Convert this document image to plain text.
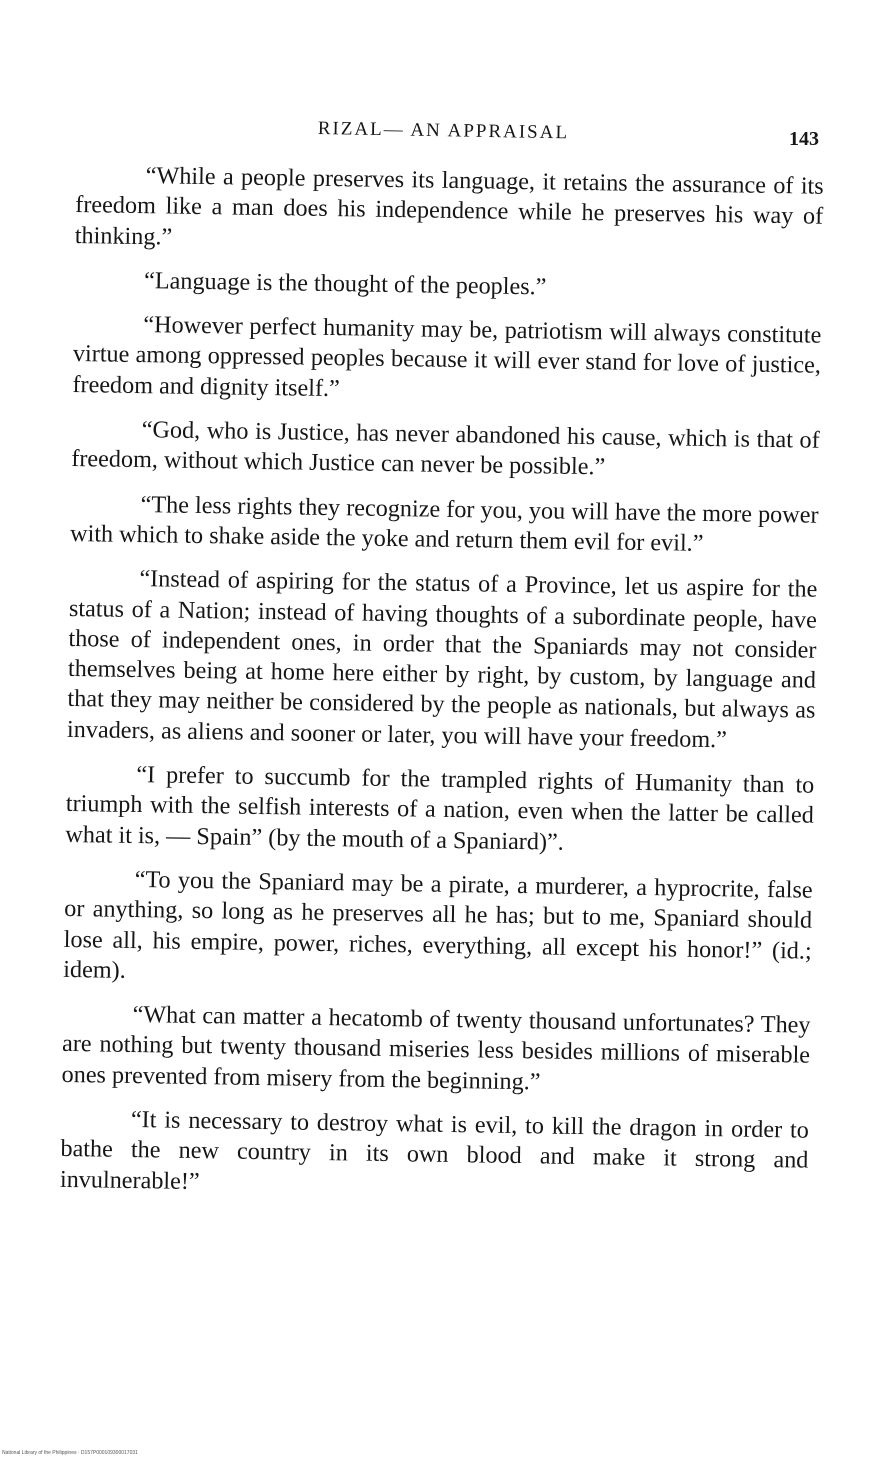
RIZAL— AN APPRAISAL	143

“While a people preserves its language, it retains the assurance of its freedom like a man does his independence while he preserves his way of thinking.”

“Language is the thought of the peoples.”

“However perfect humanity may be, patriotism will always constitute virtue among oppressed peoples because it will ever stand for love of justice, freedom and dignity itself.”

“God, who is Justice, has never abandoned his cause, which is that of freedom, without which Justice can never be possible.”

“The less rights they recognize for you, you will have the more power with which to shake aside the yoke and return them evil for evil.”

“Instead of aspiring for the status of a Province, let us aspire for the status of a Nation; instead of having thoughts of a subordinate people, have those of independent ones, in order that the Spaniards may not consider themselves being at home here either by right, by custom, by language and that they may neither be considered by the people as nationals, but always as invaders, as aliens and sooner or later, you will have your freedom.”

“I prefer to succumb for the trampled rights of Humanity than to triumph with the selfish interests of a nation, even when the latter be called what it is, — Spain” (by the mouth of a Spaniard)”.

“To you the Spaniard may be a pirate, a murderer, a hyprocrite, false or anything, so long as he preserves all he has; but to me, Spaniard should lose all, his empire, power, riches, everything, all except his honor!” (id.; idem).

“What can matter a hecatomb of twenty thousand unfortunates? They are nothing but twenty thousand miseries less besides millions of miserable ones prevented from misery from the beginning.”

“It is necessary to destroy what is evil, to kill the dragon in order to bathe the new country in its own blood and make it strong and invulnerable!”

National Library of the Philippines · D157P000109300017031
